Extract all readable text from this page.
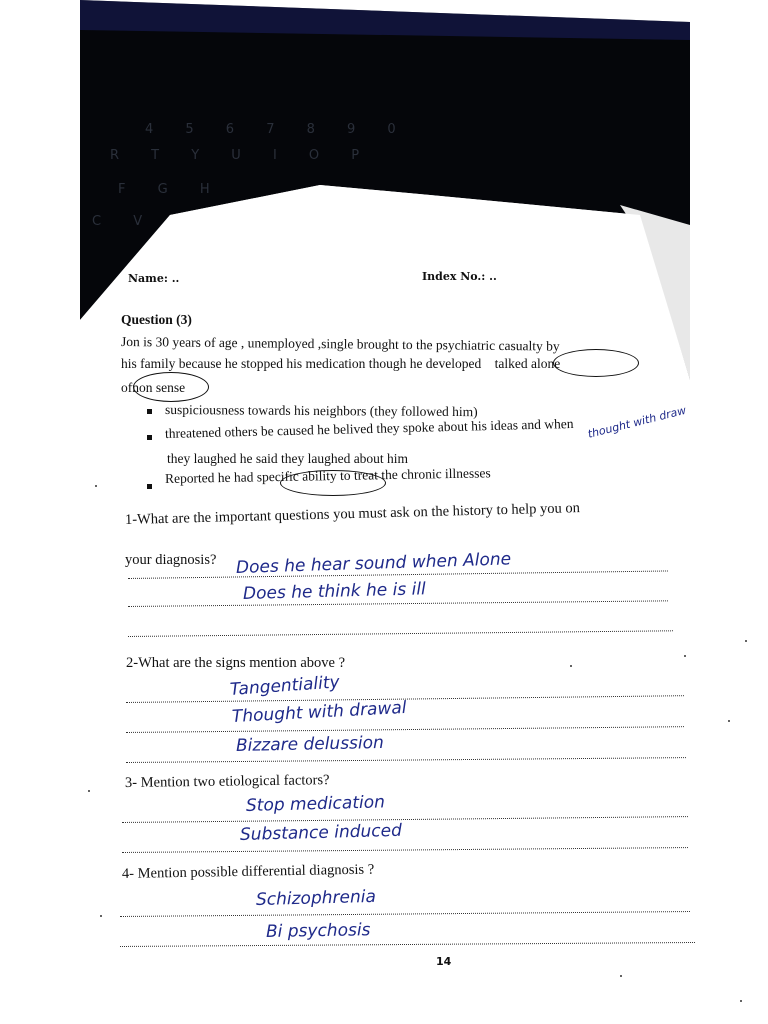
4 5 6 7 8 9 0
R T Y U I O P
F G H
C V
Name: ..	Index No.: ..
Question (3)
Jon is 30 years of age , unemployed ,single brought to the psychiatric casualty by
his family because he stopped his medication though he developed talked alone
ofnon sense
suspiciousness towards his neighbors (they followed him)
threatened others be caused he belived they spoke about his ideas and when thought with draw
they laughed he said they laughed about him
Reported he had specific ability to treat the chronic illnesses
1-What are the important questions you must ask on the history to help you on
your diagnosis? Does he hear sound when Alone
Does he think he is ill
2-What are the signs mention above ?
Tangentiality
Thought with drawal
Bizzare delussion
3- Mention two etiological factors?
Stop medication
Substance induced
4- Mention possible differential diagnosis ?
Schizophrenia
Bi psychosis
14
